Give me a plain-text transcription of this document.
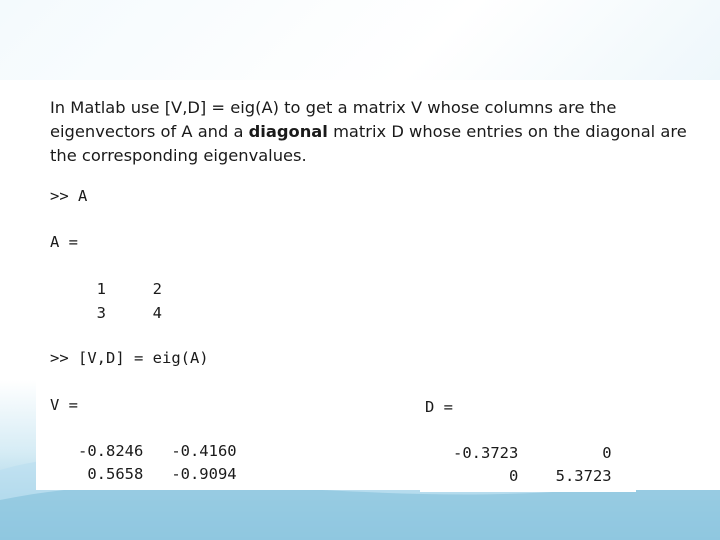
In Matlab use [V,D] = eig(A) to get a matrix V whose columns are the eigenvectors of A and a diagonal matrix D whose entries on the diagonal are the corresponding eigenvalues.

>> A
A =
1     2
3     4
>> [V,D] = eig(A)
V =
-0.8246   -0.4160
0.5658   -0.9094
D =
-0.3723         0
0    5.3723
